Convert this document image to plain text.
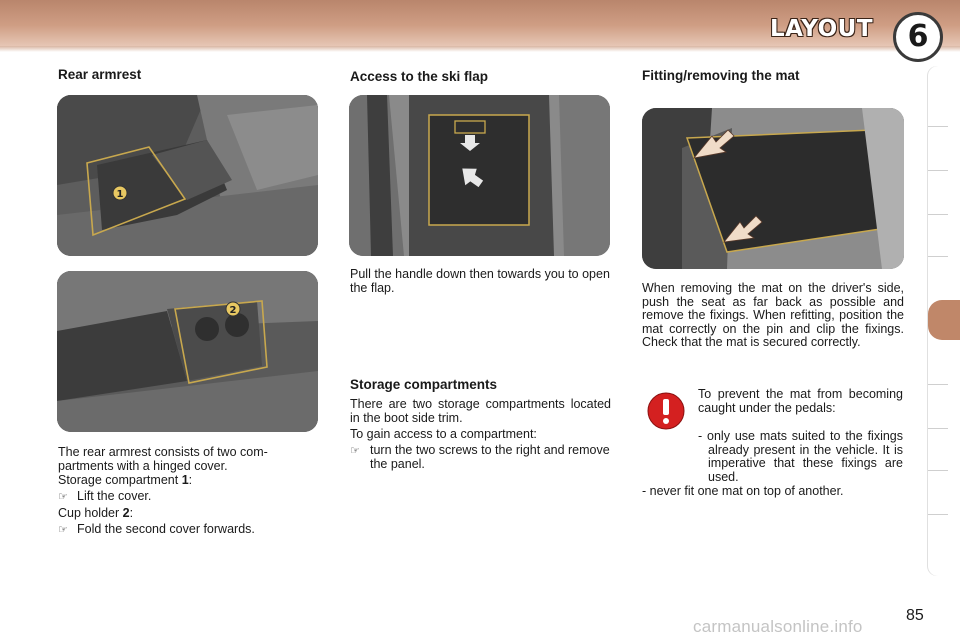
LAYOUT	6
Rear armrest
1
2

The rear armrest consists of two com-partments with a hinged cover.

Storage compartment 1:

☞ Lift the cover.

Cup holder 2:

☞ Fold the second cover forwards.
Access to the ski flap

Pull the handle down then towards you to open the flap.

Storage compartments

There are two storage compartments located in the boot side trim.

To gain access to a compartment:

☞ turn the two screws to the right and remove the panel.
Fitting/removing the mat

When removing the mat on the driver's side, push the seat as far back as possible and remove the fixings. When refitting, position the mat correctly on the pin and clip the fixings. Check that the mat is secured correctly.

To prevent the mat from becoming caught under the pedals:

- only use mats suited to the fixings already present in the vehicle. It is imperative that these fixings are used.

- never fit one mat on top of another.

85
carmanualsonline.info
